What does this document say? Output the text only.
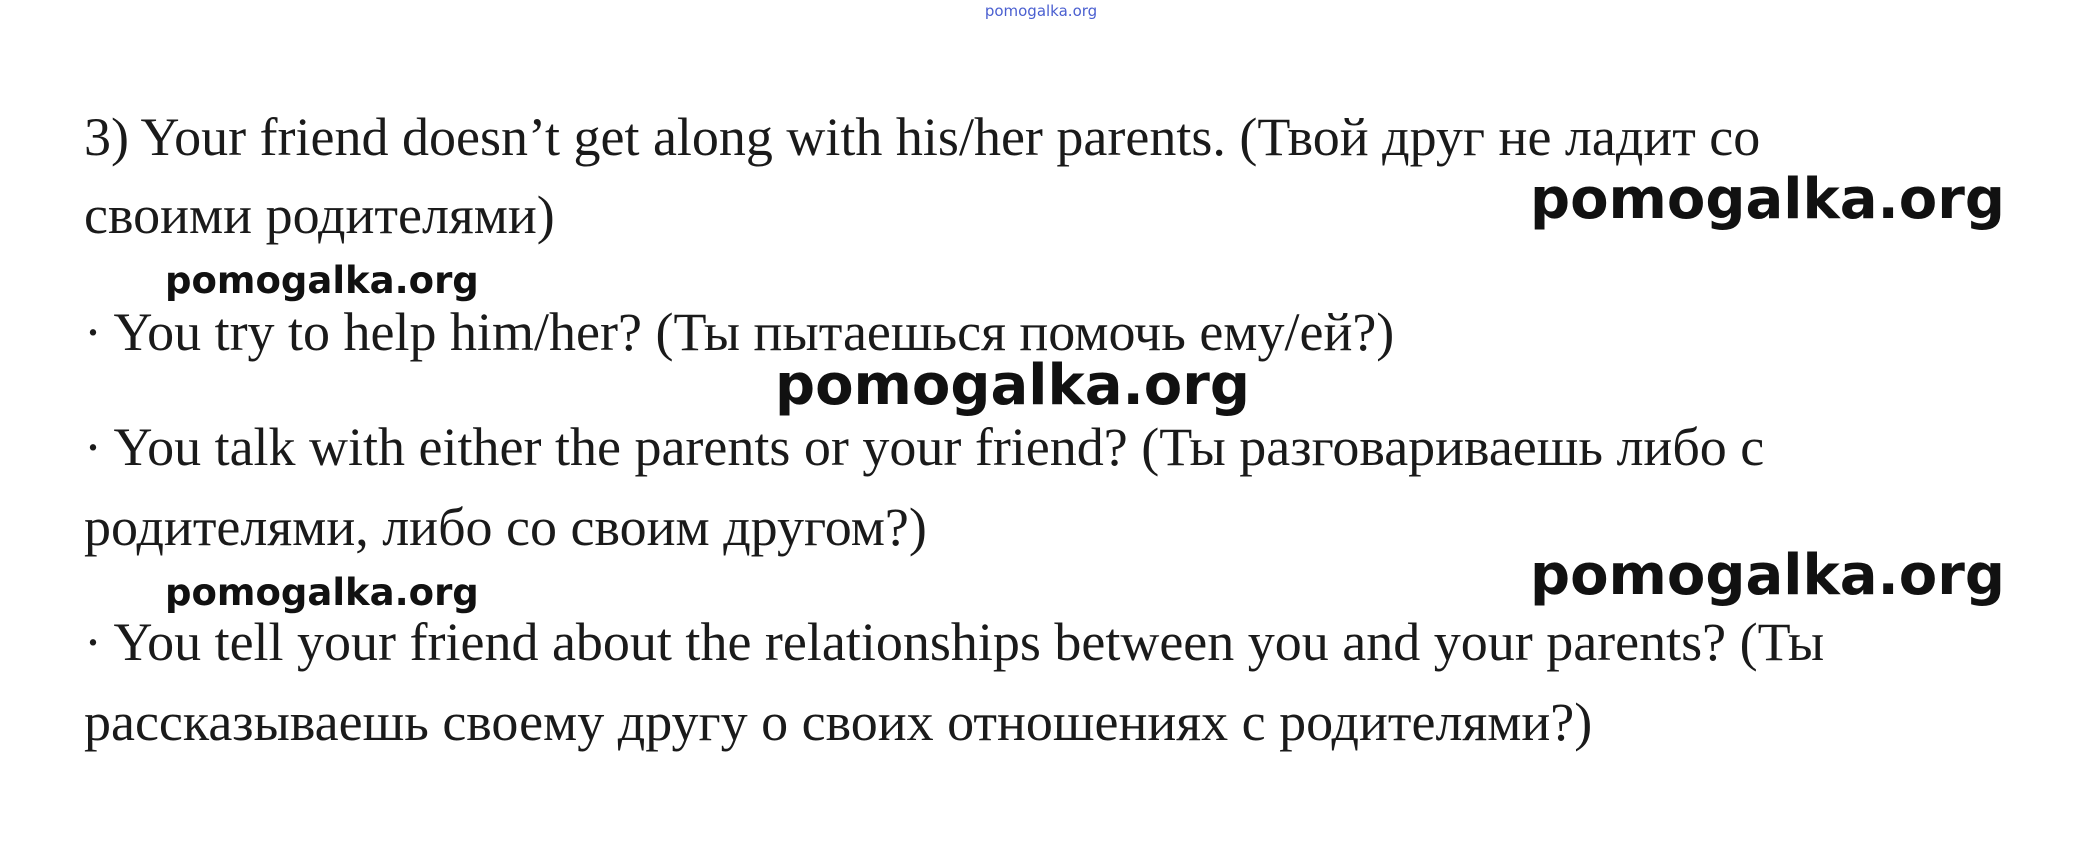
pomogalka.org
3) Your friend doesn’t get along with his/her parents. (Твой друг не ладит со
своими родителями)
· You try to help him/her? (Ты пытаешься помочь ему/ей?)
· You talk with either the parents or your friend? (Ты разговариваешь либо с
родителями, либо со своим другом?)
· You tell your friend about the relationships between you and your parents? (Ты
рассказываешь своему другу о своих отношениях с родителями?)
pomogalka.org
pomogalka.org
pomogalka.org
pomogalka.org	pomogalka.org
